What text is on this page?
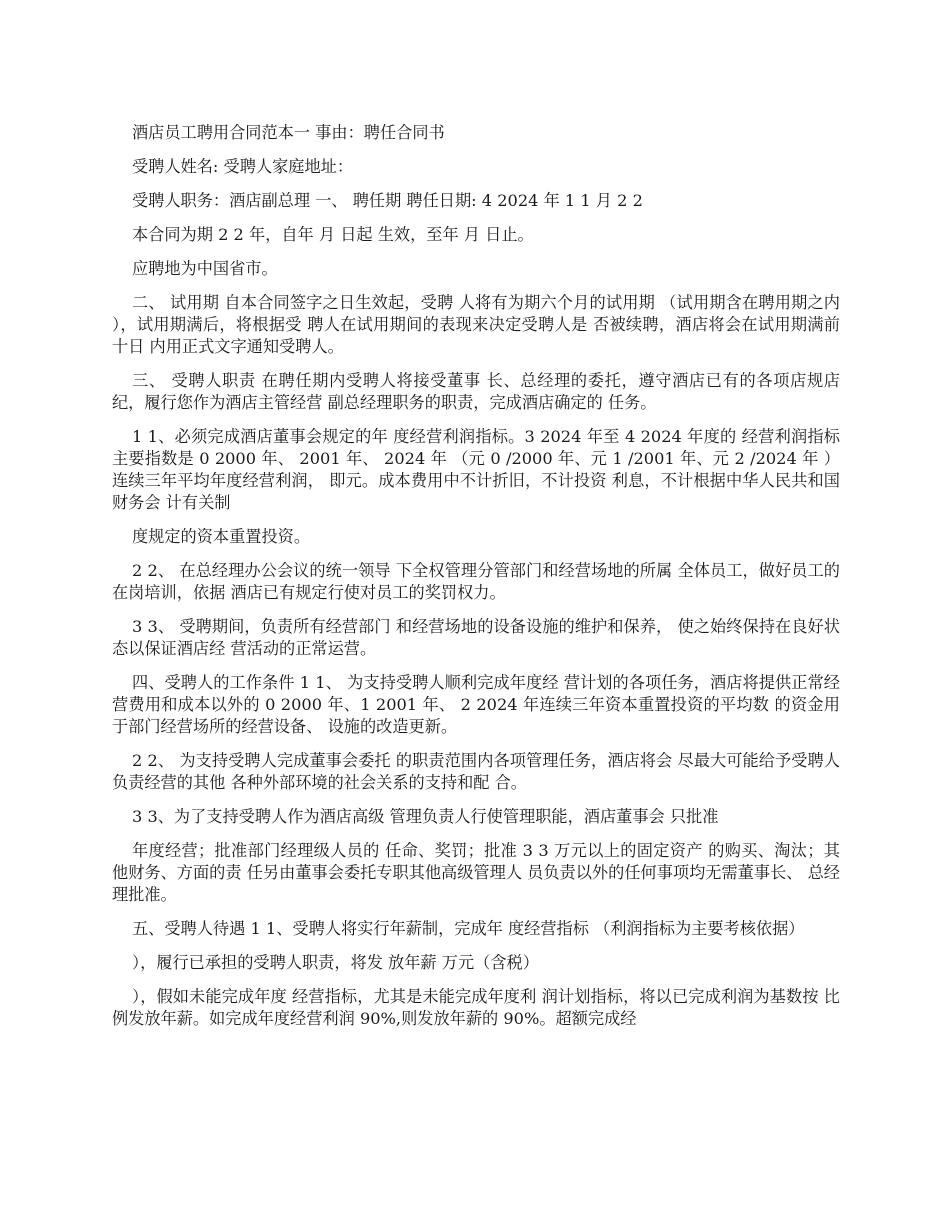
酒店员工聘用合同范本一 事由：聘任合同书

受聘人姓名: 受聘人家庭地址：

受聘人职务：酒店副总理 一、 聘任期 聘任日期: 4 2024 年 1 1 月 2 2

本合同为期 2 2 年，自年 月 日起 生效，至年 月 日止。

应聘地为中国省市。

二、 试用期 自本合同签字之日生效起，受聘 人将有为期六个月的试用期 （试用期含在聘用期之内 ），试用期满后，将根据受 聘人在试用期间的表现来决定受聘人是 否被续聘，酒店将会在试用期满前十日 内用正式文字通知受聘人。

三、 受聘人职责 在聘任期内受聘人将接受董事 长、总经理的委托，遵守酒店已有的各项店规店纪，履行您作为酒店主管经营 副总经理职务的职责，完成酒店确定的 任务。

1 1、必须完成酒店董事会规定的年 度经营利润指标。3 2024 年至 4 2024 年度的 经营利润指标主要指数是 0 2000 年、 2001 年、 2024 年 （元 0 /2000 年、元 1 /2001 年、元 2 /2024 年 ）连续三年平均年度经营利润， 即元。成本费用中不计折旧，不计投资 利息，不计根据中华人民共和国财务会 计有关制

度规定的资本重置投资。

2 2、 在总经理办公会议的统一领导 下全权管理分管部门和经营场地的所属 全体员工，做好员工的在岗培训，依据 酒店已有规定行使对员工的奖罚权力。

3 3、 受聘期间，负责所有经营部门 和经营场地的设备设施的维护和保养， 使之始终保持在良好状态以保证酒店经 营活动的正常运营。

四、受聘人的工作条件 1 1、 为支持受聘人顺利完成年度经 营计划的各项任务，酒店将提供正常经 营费用和成本以外的 0 2000 年、1 2001 年、 2 2024 年连续三年资本重置投资的平均数 的资金用于部门经营场所的经营设备、 设施的改造更新。

2 2、 为支持受聘人完成董事会委托 的职责范围内各项管理任务，酒店将会 尽最大可能给予受聘人负责经营的其他 各种外部环境的社会关系的支持和配 合。

3 3、为了支持受聘人作为酒店高级 管理负责人行使管理职能，酒店董事会 只批准

年度经营；批准部门经理级人员的 任命、奖罚；批准 3 3 万元以上的固定资产 的购买、淘汰；其他财务、方面的责 任另由董事会委托专职其他高级管理人 员负责以外的任何事项均无需董事长、 总经理批准。

五、受聘人待遇 1 1、受聘人将实行年薪制，完成年 度经营指标 （利润指标为主要考核依据）

），履行已承担的受聘人职责，将发 放年薪 万元（含税）

），假如未能完成年度 经营指标，尤其是未能完成年度利 润计划指标，将以已完成利润为基数按 比例发放年薪。如完成年度经营利润 90%,则发放年薪的 90%。超额完成经
